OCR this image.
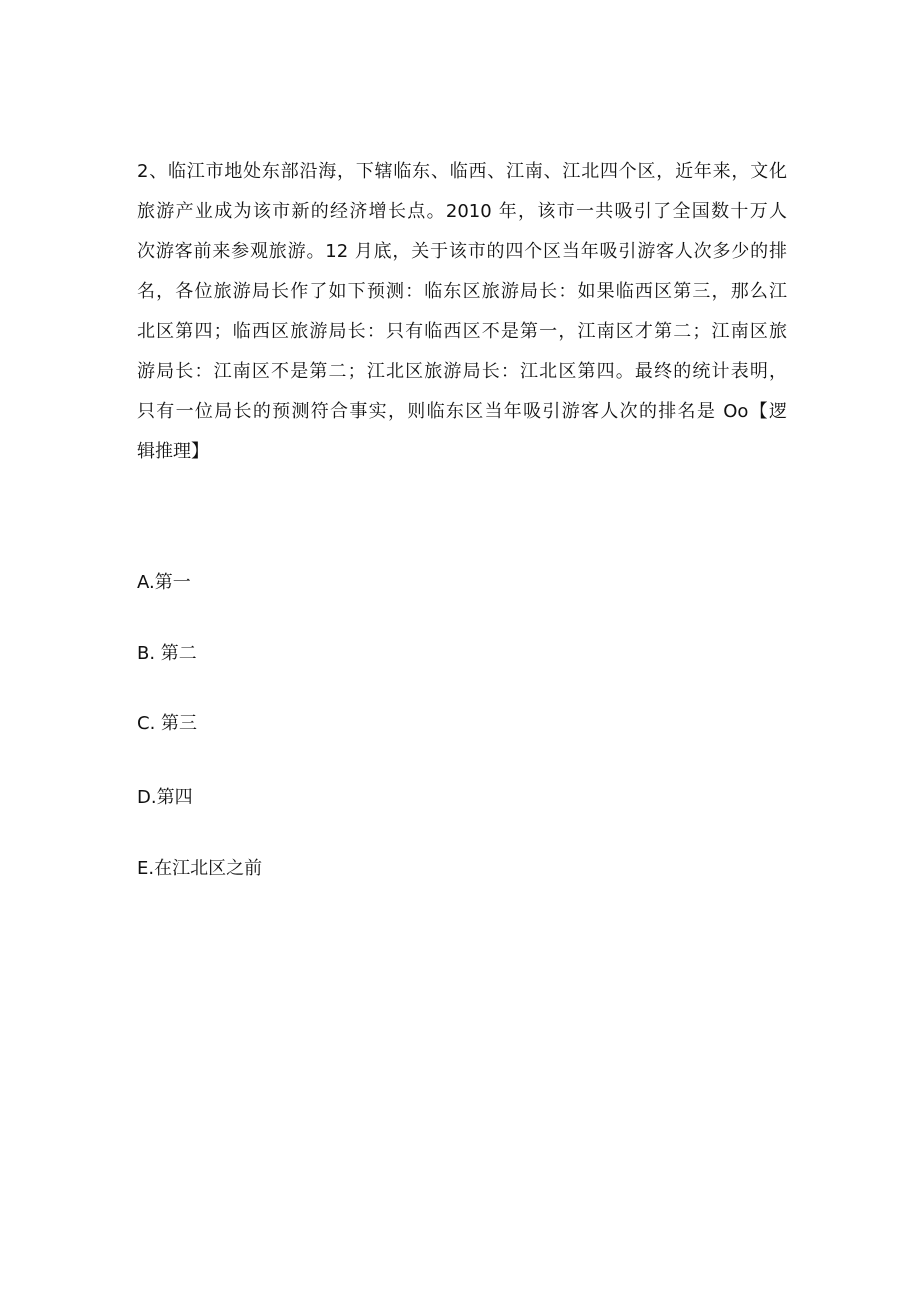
2、临江市地处东部沿海，下辖临东、临西、江南、江北四个区，近年来，文化
旅游产业成为该市新的经济增长点。2010 年，该市一共吸引了全国数十万人
次游客前来参观旅游。12 月底，关于该市的四个区当年吸引游客人次多少的排
名，各位旅游局长作了如下预测：临东区旅游局长：如果临西区第三，那么江
北区第四；临西区旅游局长：只有临西区不是第一，江南区才第二；江南区旅
游局长：江南区不是第二；江北区旅游局长：江北区第四。最终的统计表明，
只有一位局长的预测符合事实，则临东区当年吸引游客人次的排名是 Oo【逻
辑推理】
A.第一
B. 第二
C. 第三
D.第四
E.在江北区之前
